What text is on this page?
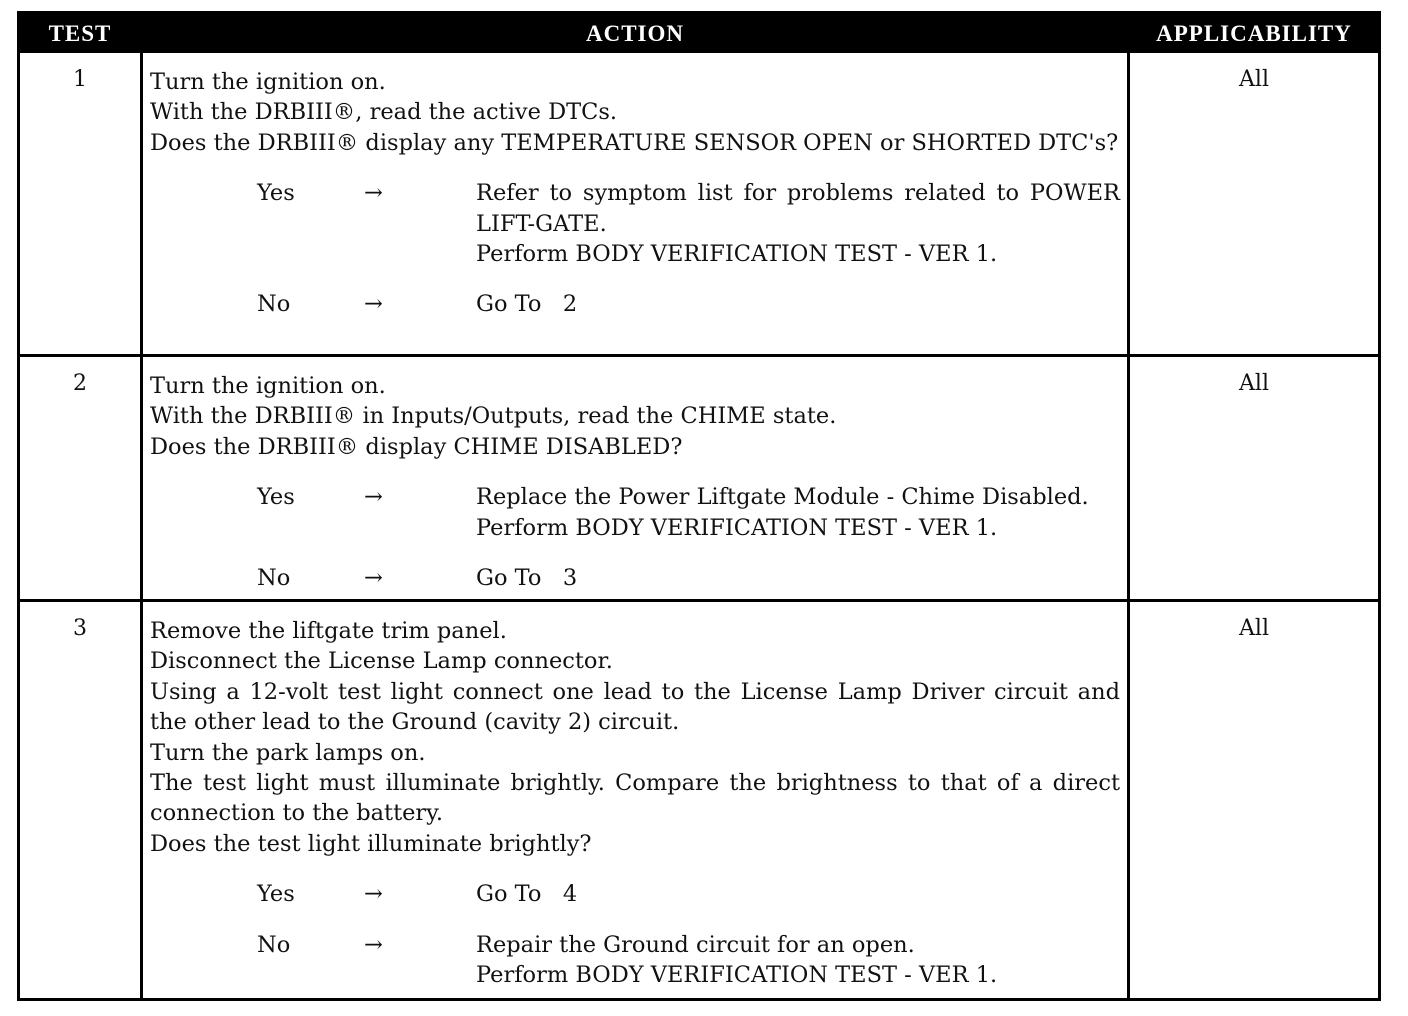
TEST	ACTION	APPLICABILITY
1	Turn the ignition on.

With the DRBIII®, read the active DTCs.

Does the DRBIII® display any TEMPERATURE SENSOR OPEN or SHORTED DTC's?

Yes	→	Refer to symptom list for problems related to POWER LIFT-GATE.

Perform BODY VERIFICATION TEST - VER 1.

No	→	Go To   2

All
2	Turn the ignition on.

With the DRBIII® in Inputs/Outputs, read the CHIME state.

Does the DRBIII® display CHIME DISABLED?

Yes	→	Replace the Power Liftgate Module - Chime Disabled.

Perform BODY VERIFICATION TEST - VER 1.

No	→	Go To   3

All
3	Remove the liftgate trim panel.

Disconnect the License Lamp connector.

Using a 12-volt test light connect one lead to the License Lamp Driver circuit and the other lead to the Ground (cavity 2) circuit.

Turn the park lamps on.

The test light must illuminate brightly. Compare the brightness to that of a direct connection to the battery.

Does the test light illuminate brightly?

Yes	→	Go To   4

No	→	Repair the Ground circuit for an open.

Perform BODY VERIFICATION TEST - VER 1.

All
